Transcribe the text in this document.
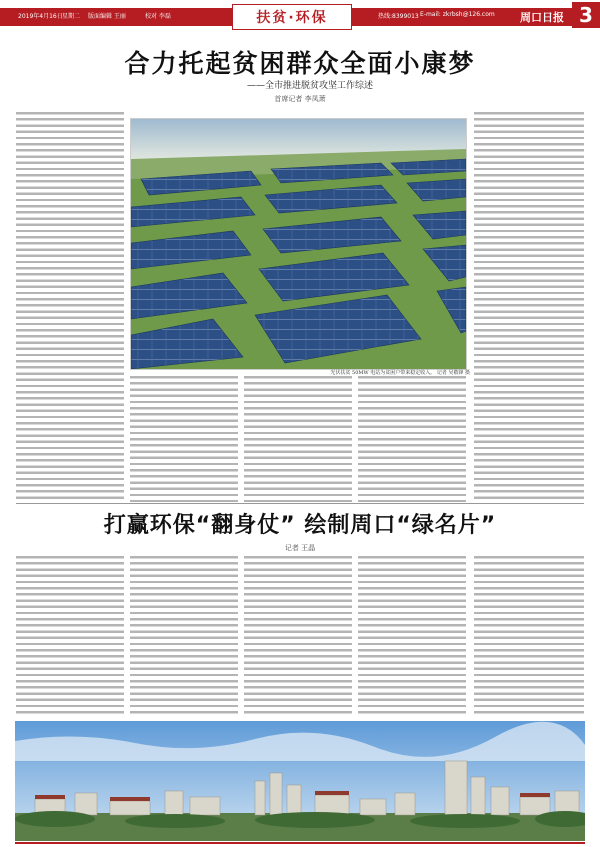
2019年4月16日 星期二 版面编辑 王丽	校对 李磊	热线:8399013 E-mail: zkrbsh@126.com
扶贫·环保	周口日报 3
合力托起贫困群众全面小康梦
——全市推进脱贫攻坚工作综述
首席记者 李凤萧
光伏扶贫 50MW 电站为贫困户带来稳定收入。 记者 吴敬锋 摄
打赢环保“翻身仗” 绘制周口“绿名片”
记者 王晶
